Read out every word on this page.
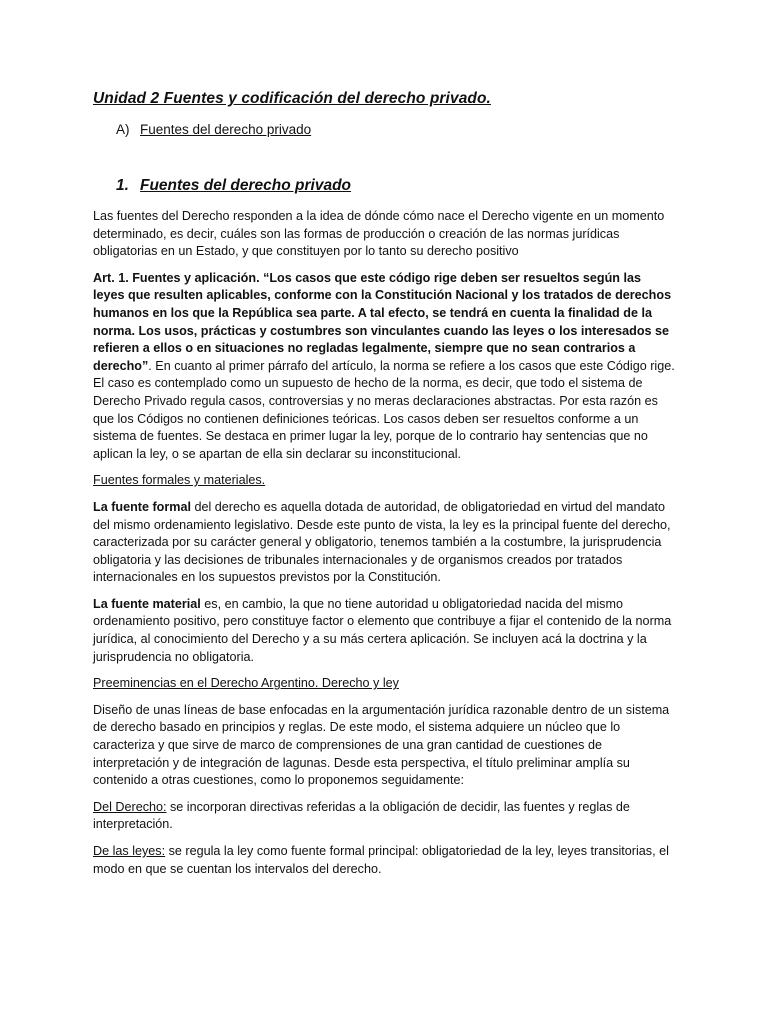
Unidad 2 Fuentes y codificación del derecho privado.
A) Fuentes del derecho privado
1. Fuentes del derecho privado

Las fuentes del Derecho responden a la idea de dónde cómo nace el Derecho vigente en un momento determinado, es decir, cuáles son las formas de producción o creación de las normas jurídicas obligatorias en un Estado, y que constituyen por lo tanto su derecho positivo

Art. 1. Fuentes y aplicación. “Los casos que este código rige deben ser resueltos según las leyes que resulten aplicables, conforme con la Constitución Nacional y los tratados de derechos humanos en los que la República sea parte. A tal efecto, se tendrá en cuenta la finalidad de la norma. Los usos, prácticas y costumbres son vinculantes cuando las leyes o los interesados se refieren a ellos o en situaciones no regladas legalmente, siempre que no sean contrarios a derecho”. En cuanto al primer párrafo del artículo, la norma se refiere a los casos que este Código rige. El caso es contemplado como un supuesto de hecho de la norma, es decir, que todo el sistema de Derecho Privado regula casos, controversias y no meras declaraciones abstractas. Por esta razón es que los Códigos no contienen definiciones teóricas. Los casos deben ser resueltos conforme a un sistema de fuentes. Se destaca en primer lugar la ley, porque de lo contrario hay sentencias que no aplican la ley, o se apartan de ella sin declarar su inconstitucional.

Fuentes formales y materiales.

La fuente formal del derecho es aquella dotada de autoridad, de obligatoriedad en virtud del mandato del mismo ordenamiento legislativo. Desde este punto de vista, la ley es la principal fuente del derecho, caracterizada por su carácter general y obligatorio, tenemos también a la costumbre, la jurisprudencia obligatoria y las decisiones de tribunales internacionales y de organismos creados por tratados internacionales en los supuestos previstos por la Constitución.

La fuente material es, en cambio, la que no tiene autoridad u obligatoriedad nacida del mismo ordenamiento positivo, pero constituye factor o elemento que contribuye a fijar el contenido de la norma jurídica, al conocimiento del Derecho y a su más certera aplicación. Se incluyen acá la doctrina y la jurisprudencia no obligatoria.

Preeminencias en el Derecho Argentino. Derecho y ley

Diseño de unas líneas de base enfocadas en la argumentación jurídica razonable dentro de un sistema de derecho basado en principios y reglas. De este modo, el sistema adquiere un núcleo que lo caracteriza y que sirve de marco de comprensiones de una gran cantidad de cuestiones de interpretación y de integración de lagunas. Desde esta perspectiva, el título preliminar amplía su contenido a otras cuestiones, como lo proponemos seguidamente:

Del Derecho: se incorporan directivas referidas a la obligación de decidir, las fuentes y reglas de interpretación.

De las leyes: se regula la ley como fuente formal principal: obligatoriedad de la ley, leyes transitorias, el modo en que se cuentan los intervalos del derecho.
